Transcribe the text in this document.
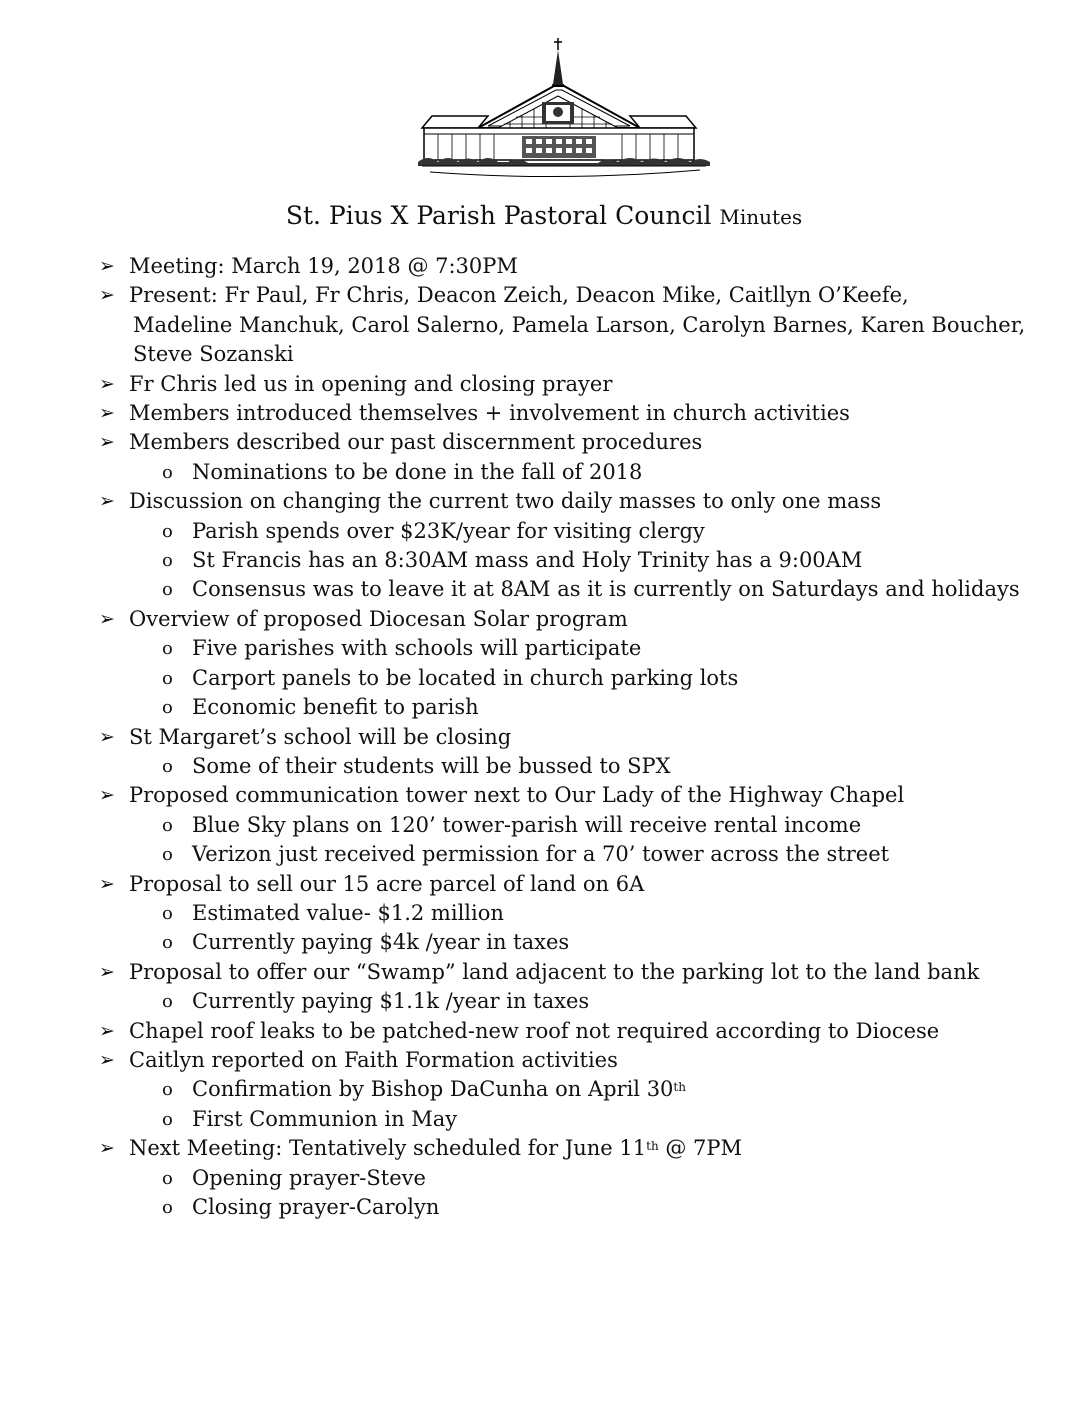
St. Pius X Parish Pastoral Council Minutes
➢ Meeting: March 19, 2018 @ 7:30PM
➢ Present: Fr Paul, Fr Chris, Deacon Zeich, Deacon Mike, Caitllyn O’Keefe,
Madeline Manchuk, Carol Salerno, Pamela Larson, Carolyn Barnes, Karen Boucher,
Steve Sozanski
➢ Fr Chris led us in opening and closing prayer
➢ Members introduced themselves + involvement in church activities
➢ Members described our past discernment procedures
o Nominations to be done in the fall of 2018
➢ Discussion on changing the current two daily masses to only one mass
o Parish spends over $23K/year for visiting clergy
o St Francis has an 8:30AM mass and Holy Trinity has a 9:00AM
o Consensus was to leave it at 8AM as it is currently on Saturdays and holidays
➢ Overview of proposed Diocesan Solar program
o Five parishes with schools will participate
o Carport panels to be located in church parking lots
o Economic benefit to parish
➢ St Margaret’s school will be closing
o Some of their students will be bussed to SPX
➢ Proposed communication tower next to Our Lady of the Highway Chapel
o Blue Sky plans on 120’ tower-parish will receive rental income
o Verizon just received permission for a 70’ tower across the street
➢ Proposal to sell our 15 acre parcel of land on 6A
o Estimated value- $1.2 million
o Currently paying $4k /year in taxes
➢ Proposal to offer our “Swamp” land adjacent to the parking lot to the land bank
o Currently paying $1.1k /year in taxes
➢ Chapel roof leaks to be patched-new roof not required according to Diocese
➢ Caitlyn reported on Faith Formation activities
o Confirmation by Bishop DaCunha on April 30th
o First Communion in May
➢ Next Meeting: Tentatively scheduled for June 11th @ 7PM
o Opening prayer-Steve
o Closing prayer-Carolyn
